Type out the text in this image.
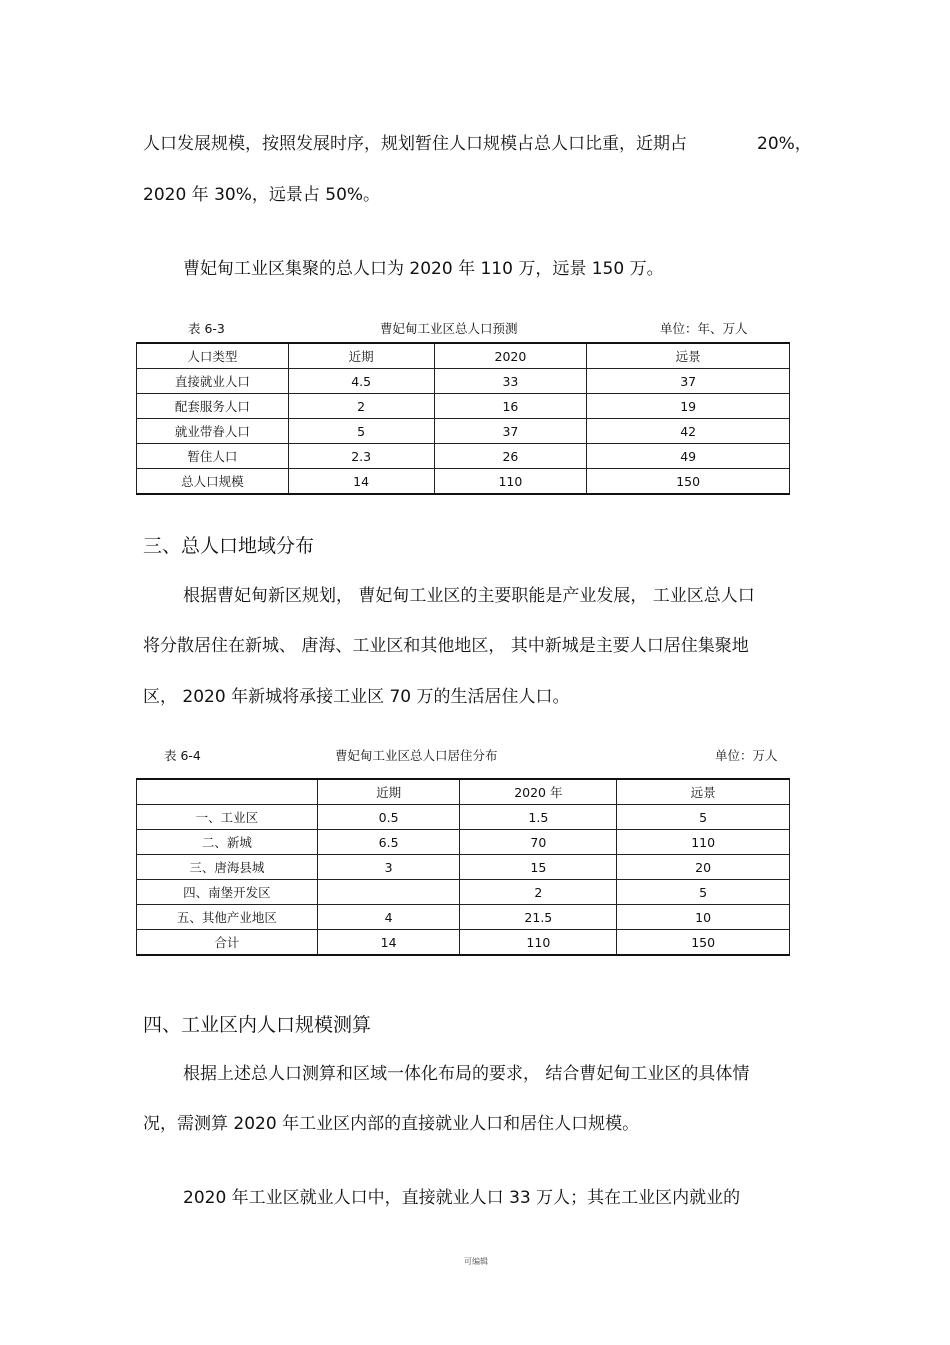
人口发展规模，按照发展时序，规划暂住人口规模占总人口比重，近期占	20%，
2020 年 30%，远景占 50%。
曹妃甸工业区集聚的总人口为 2020 年 110 万，远景 150 万。
表 6-3	曹妃甸工业区总人口预测	单位：年、万人
人口类型	近期	2020	远景
直接就业人口	4.5	33	37
配套服务人口	2	16	19
就业带眷人口	5	37	42
暂住人口	2.3	26	49
总人口规模	14	110	150
三、总人口地域分布
根据曹妃甸新区规划， 曹妃甸工业区的主要职能是产业发展， 工业区总人口
将分散居住在新城、 唐海、工业区和其他地区， 其中新城是主要人口居住集聚地
区， 2020 年新城将承接工业区 70 万的生活居住人口。
表 6-4	曹妃甸工业区总人口居住分布	单位：万人
	近期	2020 年	远景
一、工业区	0.5	1.5	5
二、新城	6.5	70	110
三、唐海县城	3	15	20
四、南堡开发区		2	5
五、其他产业地区	4	21.5	10
合计	14	110	150
四、工业区内人口规模测算
根据上述总人口测算和区域一体化布局的要求， 结合曹妃甸工业区的具体情
况，需测算 2020 年工业区内部的直接就业人口和居住人口规模。
2020 年工业区就业人口中，直接就业人口 33 万人；其在工业区内就业的
可编辑
